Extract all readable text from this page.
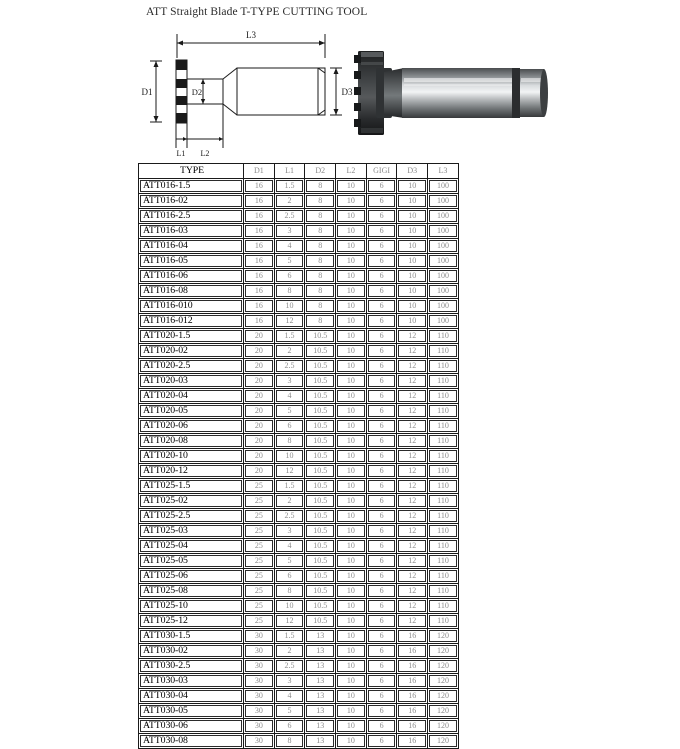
ATT Straight Blade T-TYPE CUTTING TOOL
L3
D1	D2	D3
L1 L2
TYPE	D1	L1	D2	L2	GIGI	D3	L3

ATT016-1.5	16	1.5	8	10	6	10	100

ATT016-02	16	2	8	10	6	10	100

ATT016-2.5	16	2.5	8	10	6	10	100

ATT016-03	16	3	8	10	6	10	100

ATT016-04	16	4	8	10	6	10	100

ATT016-05	16	5	8	10	6	10	100

ATT016-06	16	6	8	10	6	10	100

ATT016-08	16	8	8	10	6	10	100

ATT016-010	16	10	8	10	6	10	100

ATT016-012	16	12	8	10	6	10	100

ATT020-1.5	20	1.5	10.5	10	6	12	110

ATT020-02	20	2	10.5	10	6	12	110

ATT020-2.5	20	2.5	10.5	10	6	12	110

ATT020-03	20	3	10.5	10	6	12	110

ATT020-04	20	4	10.5	10	6	12	110

ATT020-05	20	5	10.5	10	6	12	110

ATT020-06	20	6	10.5	10	6	12	110

ATT020-08	20	8	10.5	10	6	12	110

ATT020-10	20	10	10.5	10	6	12	110

ATT020-12	20	12	10.5	10	6	12	110

ATT025-1.5	25	1.5	10.5	10	6	12	110

ATT025-02	25	2	10.5	10	6	12	110

ATT025-2.5	25	2.5	10.5	10	6	12	110

ATT025-03	25	3	10.5	10	6	12	110

ATT025-04	25	4	10.5	10	6	12	110

ATT025-05	25	5	10.5	10	6	12	110

ATT025-06	25	6	10.5	10	6	12	110

ATT025-08	25	8	10.5	10	6	12	110

ATT025-10	25	10	10.5	10	6	12	110

ATT025-12	25	12	10.5	10	6	12	110

ATT030-1.5	30	1.5	13	10	6	16	120

ATT030-02	30	2	13	10	6	16	120

ATT030-2.5	30	2.5	13	10	6	16	120

ATT030-03	30	3	13	10	6	16	120

ATT030-04	30	4	13	10	6	16	120

ATT030-05	30	5	13	10	6	16	120

ATT030-06	30	6	13	10	6	16	120

ATT030-08	30	8	13	10	6	16	120
